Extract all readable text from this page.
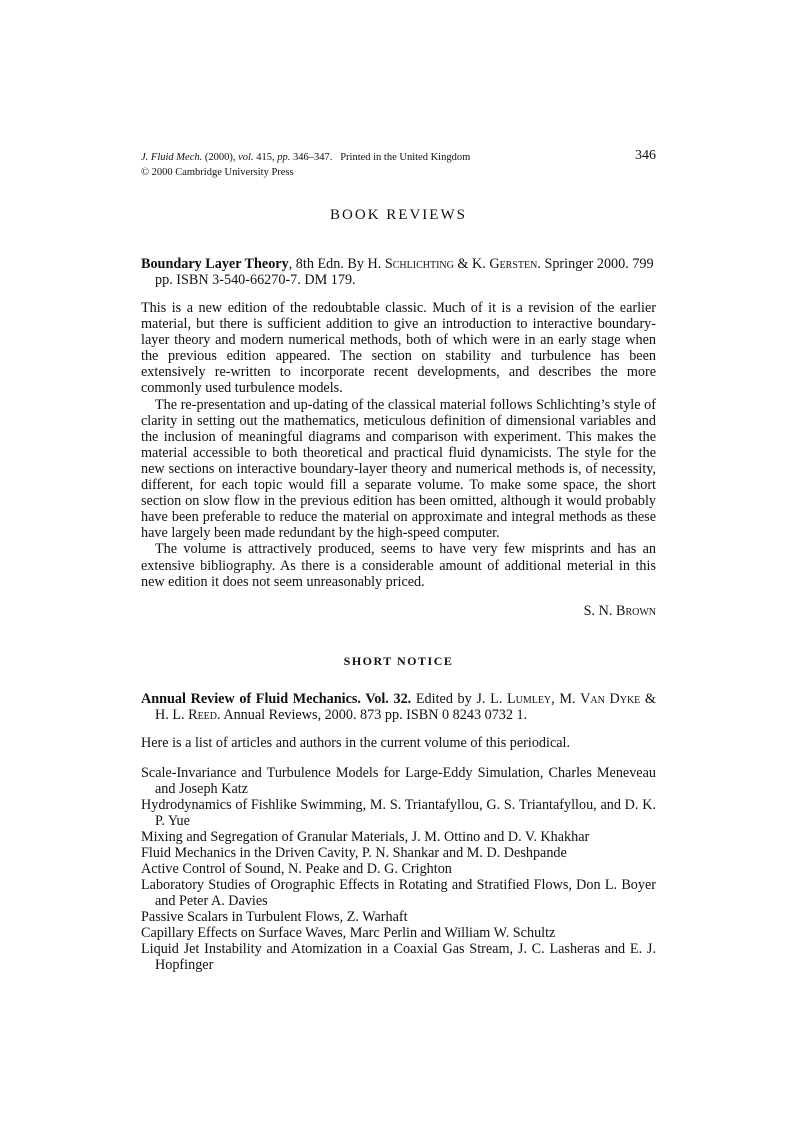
J. Fluid Mech. (2000), vol. 415, pp. 346–347. Printed in the United Kingdom
© 2000 Cambridge University Press
346
BOOK REVIEWS
Boundary Layer Theory, 8th Edn. By H. Schlichting & K. Gersten. Springer 2000. 799 pp. ISBN 3-540-66270-7. DM 179.

This is a new edition of the redoubtable classic. Much of it is a revision of the earlier material, but there is sufficient addition to give an introduction to interactive boundary-layer theory and modern numerical methods, both of which were in an early stage when the previous edition appeared. The section on stability and turbulence has been extensively re-written to incorporate recent developments, and describes the more commonly used turbulence models.

The re-presentation and up-dating of the classical material follows Schlichting’s style of clarity in setting out the mathematics, meticulous definition of dimensional variables and the inclusion of meaningful diagrams and comparison with experiment. This makes the material accessible to both theoretical and practical fluid dynamicists. The style for the new sections on interactive boundary-layer theory and numerical methods is, of necessity, different, for each topic would fill a separate volume. To make some space, the short section on slow flow in the previous edition has been omitted, although it would probably have been preferable to reduce the material on approximate and integral methods as these have largely been made redundant by the high-speed computer.

The volume is attractively produced, seems to have very few misprints and has an extensive bibliography. As there is a considerable amount of additional meterial in this new edition it does not seem unreasonably priced.

S. N. Brown
SHORT NOTICE
Annual Review of Fluid Mechanics. Vol. 32. Edited by J. L. Lumley, M. Van Dyke & H. L. Reed. Annual Reviews, 2000. 873 pp. ISBN 0 8243 0732 1.
Here is a list of articles and authors in the current volume of this periodical.
Scale-Invariance and Turbulence Models for Large-Eddy Simulation, Charles Meneveau and Joseph Katz
Hydrodynamics of Fishlike Swimming, M. S. Triantafyllou, G. S. Triantafyllou, and D. K. P. Yue
Mixing and Segregation of Granular Materials, J. M. Ottino and D. V. Khakhar
Fluid Mechanics in the Driven Cavity, P. N. Shankar and M. D. Deshpande
Active Control of Sound, N. Peake and D. G. Crighton
Laboratory Studies of Orographic Effects in Rotating and Stratified Flows, Don L. Boyer and Peter A. Davies
Passive Scalars in Turbulent Flows, Z. Warhaft
Capillary Effects on Surface Waves, Marc Perlin and William W. Schultz
Liquid Jet Instability and Atomization in a Coaxial Gas Stream, J. C. Lasheras and E. J. Hopfinger
